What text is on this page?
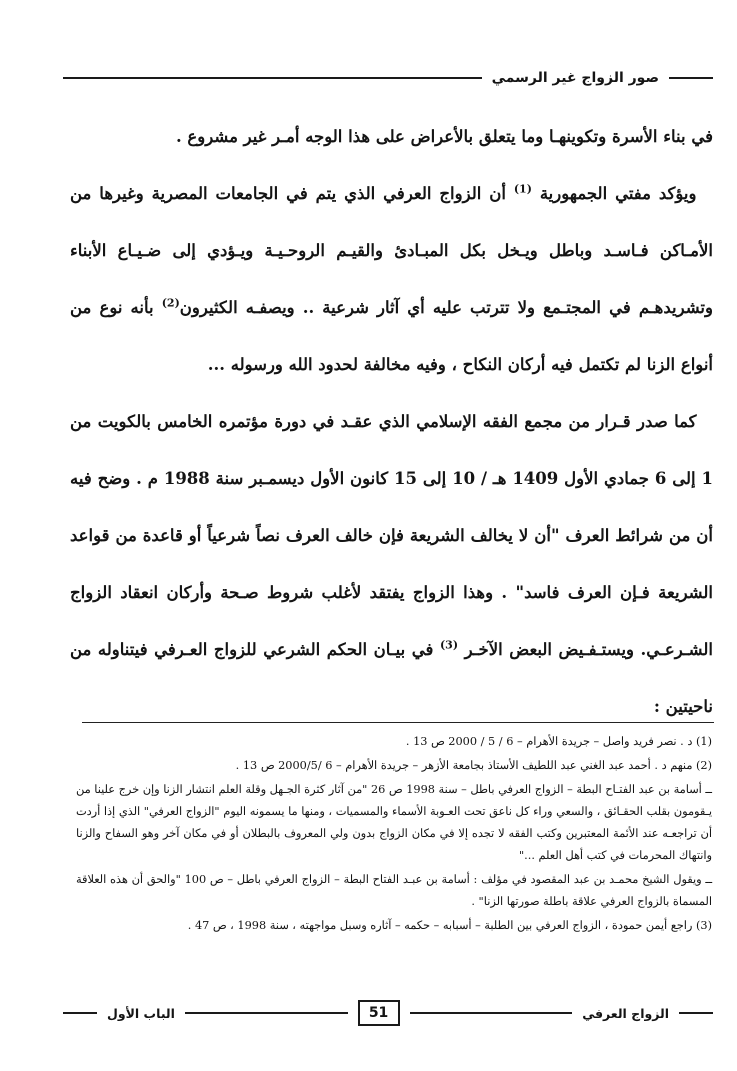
صور الزواج غير الرسمي

في بناء الأسرة وتكوينهـا وما يتعلق بالأعراض على هذا الوجه أمـر غير مشروع .

 ويؤكد مفتي الجمهورية $^{(1)}$ أن الزواج العرفي الذي يتم في الجامعات المصرية وغيرها من الأمـاكن فـاسـد وباطل ويـخل بكل المبـادئ والقيـم الروحـيـة ويـؤدي إلى ضـيـاع الأبناء وتشريدهـم في المجتـمع ولا تترتب عليه أي آثار شرعية .. ويصفـه الكثيرون$^{(2)}$ بأنه نوع من أنواع الزنا لم تكتمل فيه أركان النكاح ، وفيه مخالفة لحدود الله ورسوله ...

 كما صدر قـرار من مجمع الفقه الإسلامي الذي عقـد في دورة مؤتمره الخامس بالكويت من 1 إلى 6 جمادي الأول 1409 هـ / 10 إلى 15 كانون الأول ديسمـبر سنة 1988 م . وضح فيه أن من شرائط العرف "أن لا يخالف الشريعة فإن خالف العرف نصاً شرعياً أو قاعدة من قواعد الشريعة فـإن العرف فاسد" . وهذا الزواج يفتقد لأغلب شروط صـحة وأركان انعقاد الزواج الشـرعـي. ويستـفـيض البعض الآخـر $^{(3)}$ في بيـان الحكم الشرعي للزواج العـرفي فيتناوله من ناحيتين :

(1) د . نصر فريد واصل – جريدة الأهرام – 6 / 5 / 2000 ص 13 .

(2) منهم د . أحمد عبد الغني عبد اللطيف الأستاذ بجامعة الأزهر – جريدة الأهرام – 6 /2000/5 ص 13 .

ــ أسامة بن عبد الفتـاح البطة – الزواج العرفي باطل – سنة 1998 ص 26 "من آثار كثرة الجـهل وقلة العلم انتشار الزنا وإن خرج علينا من يـقومون بقلب الحقـائق ، والسعي وراء كل ناعق تحت العـوبة الأسماء والمسميات ، ومنها ما يسمونه اليوم "الزواج العرفي" الذي إذا أردت أن تراجعـه عند الأئمة المعتبرين وكتب الفقه لا تجده إلا في مكان الزواج بدون ولي المعروف بالبطلان أو في مكان آخر وهو السفاح والزنا وانتهاك المحرمات في كتب أهل العلم ..."

ــ ويقول الشيخ محمـد بن عبد المقصود في مؤلف : أسامة بن عبـد الفتاح البطة – الزواج العرفي باطل – ص 100 "والحق أن هذه العلاقة المسماة بالزواج العرفي علاقة باطلة صورتها الزنا" .

(3) راجع أيمن حمودة ، الزواج العرفي بين الطلبة – أسبابه – حكمه – آثاره وسبل مواجهته ، سنة 1998 ، ص 47 .

الزواج العرفي
51
الباب الأول
